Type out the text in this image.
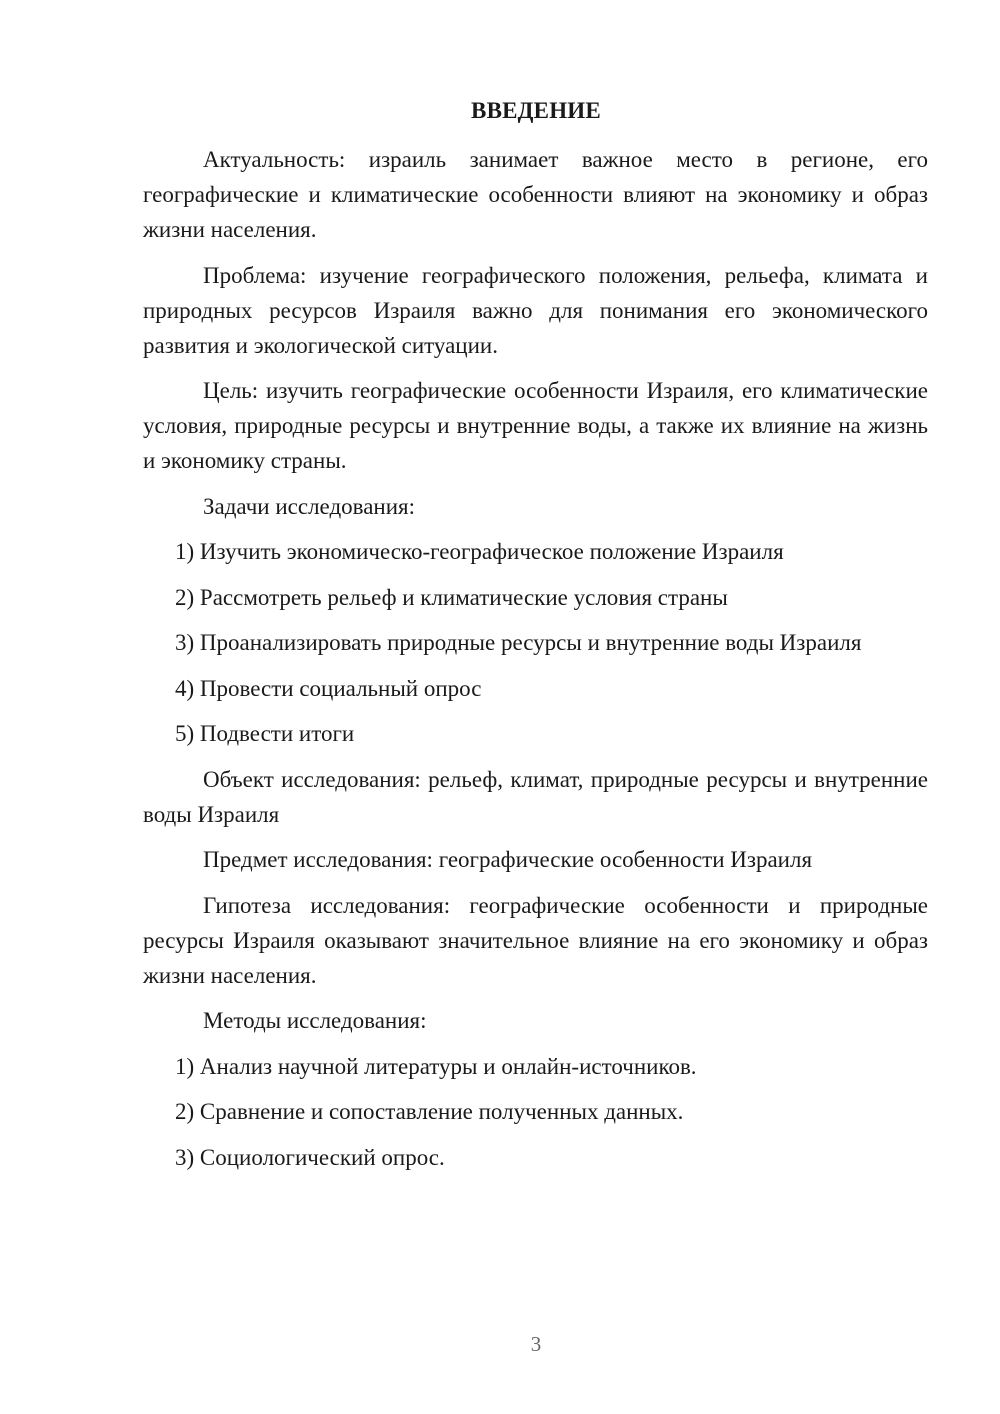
ВВЕДЕНИЕ

Актуальность: израиль занимает важное место в регионе, его географические и климатические особенности влияют на экономику и образ жизни населения.

Проблема: изучение географического положения, рельефа, климата и природных ресурсов Израиля важно для понимания его экономического развития и экологической ситуации.

Цель: изучить географические особенности Израиля, его климатические условия, природные ресурсы и внутренние воды, а также их влияние на жизнь и экономику страны.

Задачи исследования:

1) Изучить экономическо-географическое положение Израиля

2) Рассмотреть рельеф и климатические условия страны

3) Проанализировать природные ресурсы и внутренние воды Израиля

4) Провести социальный опрос

5) Подвести итоги

Объект исследования: рельеф, климат, природные ресурсы и внутренние воды Израиля

Предмет исследования: географические особенности Израиля

Гипотеза исследования: географические особенности и природные ресурсы Израиля оказывают значительное влияние на его экономику и образ жизни населения.

Методы исследования:

1) Анализ научной литературы и онлайн-источников.

2) Сравнение и сопоставление полученных данных.

3) Социологический опрос.

3
